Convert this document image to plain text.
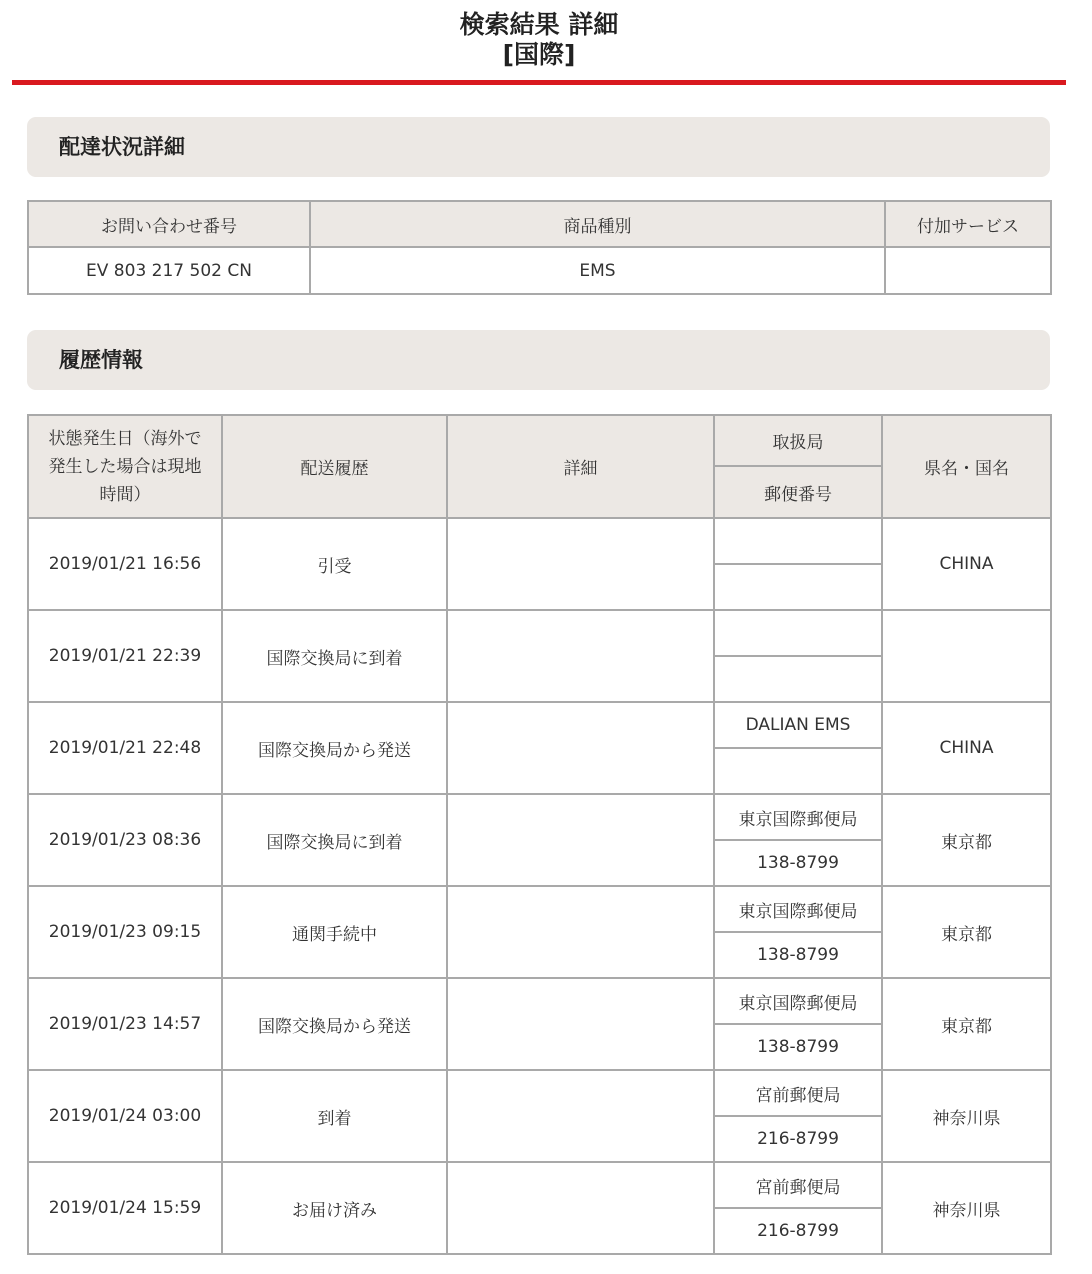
検索結果 詳細
[国際]
配達状況詳細
お問い合わせ番号	商品種別	付加サービス
EV 803 217 502 CN	EMS	
履歴情報
状態発生日（海外で発生した場合は現地時間）	配送履歴	詳細	取扱局	県名・国名
			郵便番号	
2019/01/21 16:56	引受			CHINA

2019/01/21 22:39	国際交換局に到着			

2019/01/21 22:48	国際交換局から発送		DALIAN EMS	CHINA

2019/01/23 08:36	国際交換局に到着		東京国際郵便局	東京都
			138-8799	
2019/01/23 09:15	通関手続中		東京国際郵便局	東京都
			138-8799	
2019/01/23 14:57	国際交換局から発送		東京国際郵便局	東京都
			138-8799	
2019/01/24 03:00	到着		宮前郵便局	神奈川県
			216-8799	
2019/01/24 15:59	お届け済み		宮前郵便局	神奈川県
			216-8799	
